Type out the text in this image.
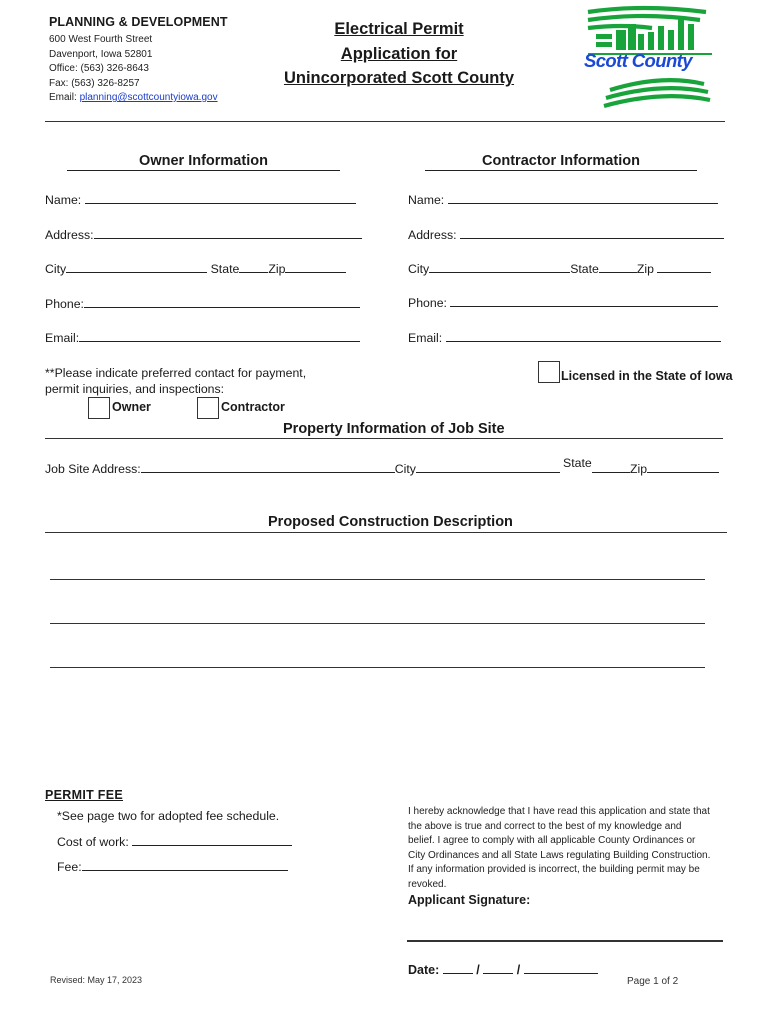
PLANNING & DEVELOPMENT
600 West Fourth Street
Davenport, Iowa 52801
Office: (563) 326-8643
Fax: (563) 326-8257
Email: planning@scottcountyiowa.gov
Electrical Permit
Application for
Unincorporated Scott County
Scott County
Owner Information	Contractor Information
Name:
Address:
City	State Zip
Phone:
Email:
Name:
Address:
City	State	Zip
Phone:
Email:
**Please indicate preferred contact for payment,
permit inquiries, and inspections:
Owner	Contractor
Licensed in the State of Iowa
Property Information of Job Site
Job Site Address:	City	State	Zip
Proposed Construction Description
PERMIT FEE
*See page two for adopted fee schedule.
Cost of work:
Fee:
I hereby acknowledge that I have read this application and state that
the above is true and correct to the best of my knowledge and
belief. I agree to comply with all applicable County Ordinances or
City Ordinances and all State Laws regulating Building Construction.
If any information provided is incorrect, the building permit may be
revoked.
Applicant Signature:
Date:	/	/
Revised: May 17, 2023	Page 1 of 2
